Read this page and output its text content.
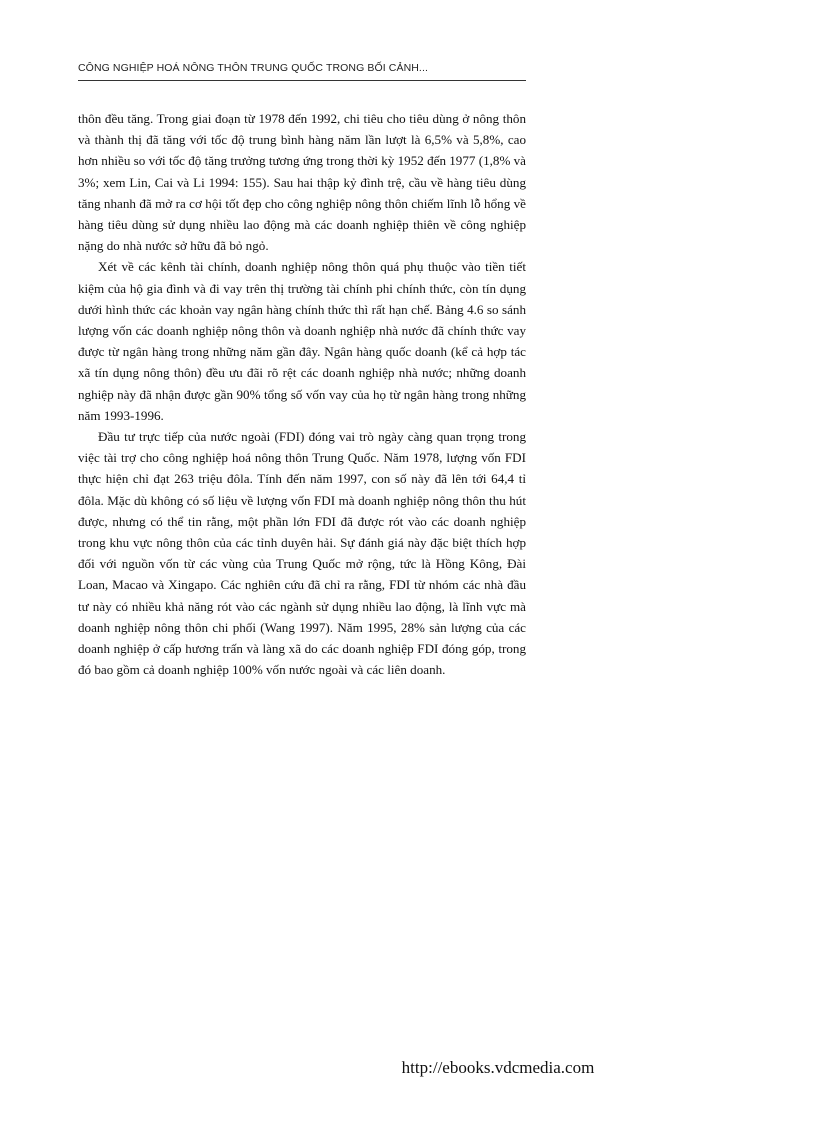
CÔNG NGHIỆP HOÁ NÔNG THÔN TRUNG QUỐC TRONG BỐI CẢNH...

thôn đều tăng. Trong giai đoạn từ 1978 đến 1992, chi tiêu cho tiêu dùng ở nông thôn và thành thị đã tăng với tốc độ trung bình hàng năm lần lượt là 6,5% và 5,8%, cao hơn nhiều so với tốc độ tăng trưởng tương ứng trong thời kỳ 1952 đến 1977 (1,8% và 3%; xem Lin, Cai và Li 1994: 155). Sau hai thập kỷ đình trệ, cầu về hàng tiêu dùng tăng nhanh đã mở ra cơ hội tốt đẹp cho công nghiệp nông thôn chiếm lĩnh lỗ hổng về hàng tiêu dùng sử dụng nhiều lao động mà các doanh nghiệp thiên về công nghiệp nặng do nhà nước sở hữu đã bỏ ngỏ.

Xét về các kênh tài chính, doanh nghiệp nông thôn quá phụ thuộc vào tiền tiết kiệm của hộ gia đình và đi vay trên thị trường tài chính phi chính thức, còn tín dụng dưới hình thức các khoản vay ngân hàng chính thức thì rất hạn chế. Bảng 4.6 so sánh lượng vốn các doanh nghiệp nông thôn và doanh nghiệp nhà nước đã chính thức vay được từ ngân hàng trong những năm gần đây. Ngân hàng quốc doanh (kể cả hợp tác xã tín dụng nông thôn) đều ưu đãi rõ rệt các doanh nghiệp nhà nước; những doanh nghiệp này đã nhận được gần 90% tổng số vốn vay của họ từ ngân hàng trong những năm 1993-1996.

Đầu tư trực tiếp của nước ngoài (FDI) đóng vai trò ngày càng quan trọng trong việc tài trợ cho công nghiệp hoá nông thôn Trung Quốc. Năm 1978, lượng vốn FDI thực hiện chỉ đạt 263 triệu đôla. Tính đến năm 1997, con số này đã lên tới 64,4 tỉ đôla. Mặc dù không có số liệu về lượng vốn FDI mà doanh nghiệp nông thôn thu hút được, nhưng có thể tin rằng, một phần lớn FDI đã được rót vào các doanh nghiệp trong khu vực nông thôn của các tỉnh duyên hải. Sự đánh giá này đặc biệt thích hợp đối với nguồn vốn từ các vùng của Trung Quốc mở rộng, tức là Hồng Kông, Đài Loan, Macao và Xingapo. Các nghiên cứu đã chỉ ra rằng, FDI từ nhóm các nhà đầu tư này có nhiều khả năng rót vào các ngành sử dụng nhiều lao động, là lĩnh vực mà doanh nghiệp nông thôn chi phối (Wang 1997). Năm 1995, 28% sản lượng của các doanh nghiệp ở cấp hương trấn và làng xã do các doanh nghiệp FDI đóng góp, trong đó bao gồm cả doanh nghiệp 100% vốn nước ngoài và các liên doanh.

http://ebooks.vdcmedia.com
